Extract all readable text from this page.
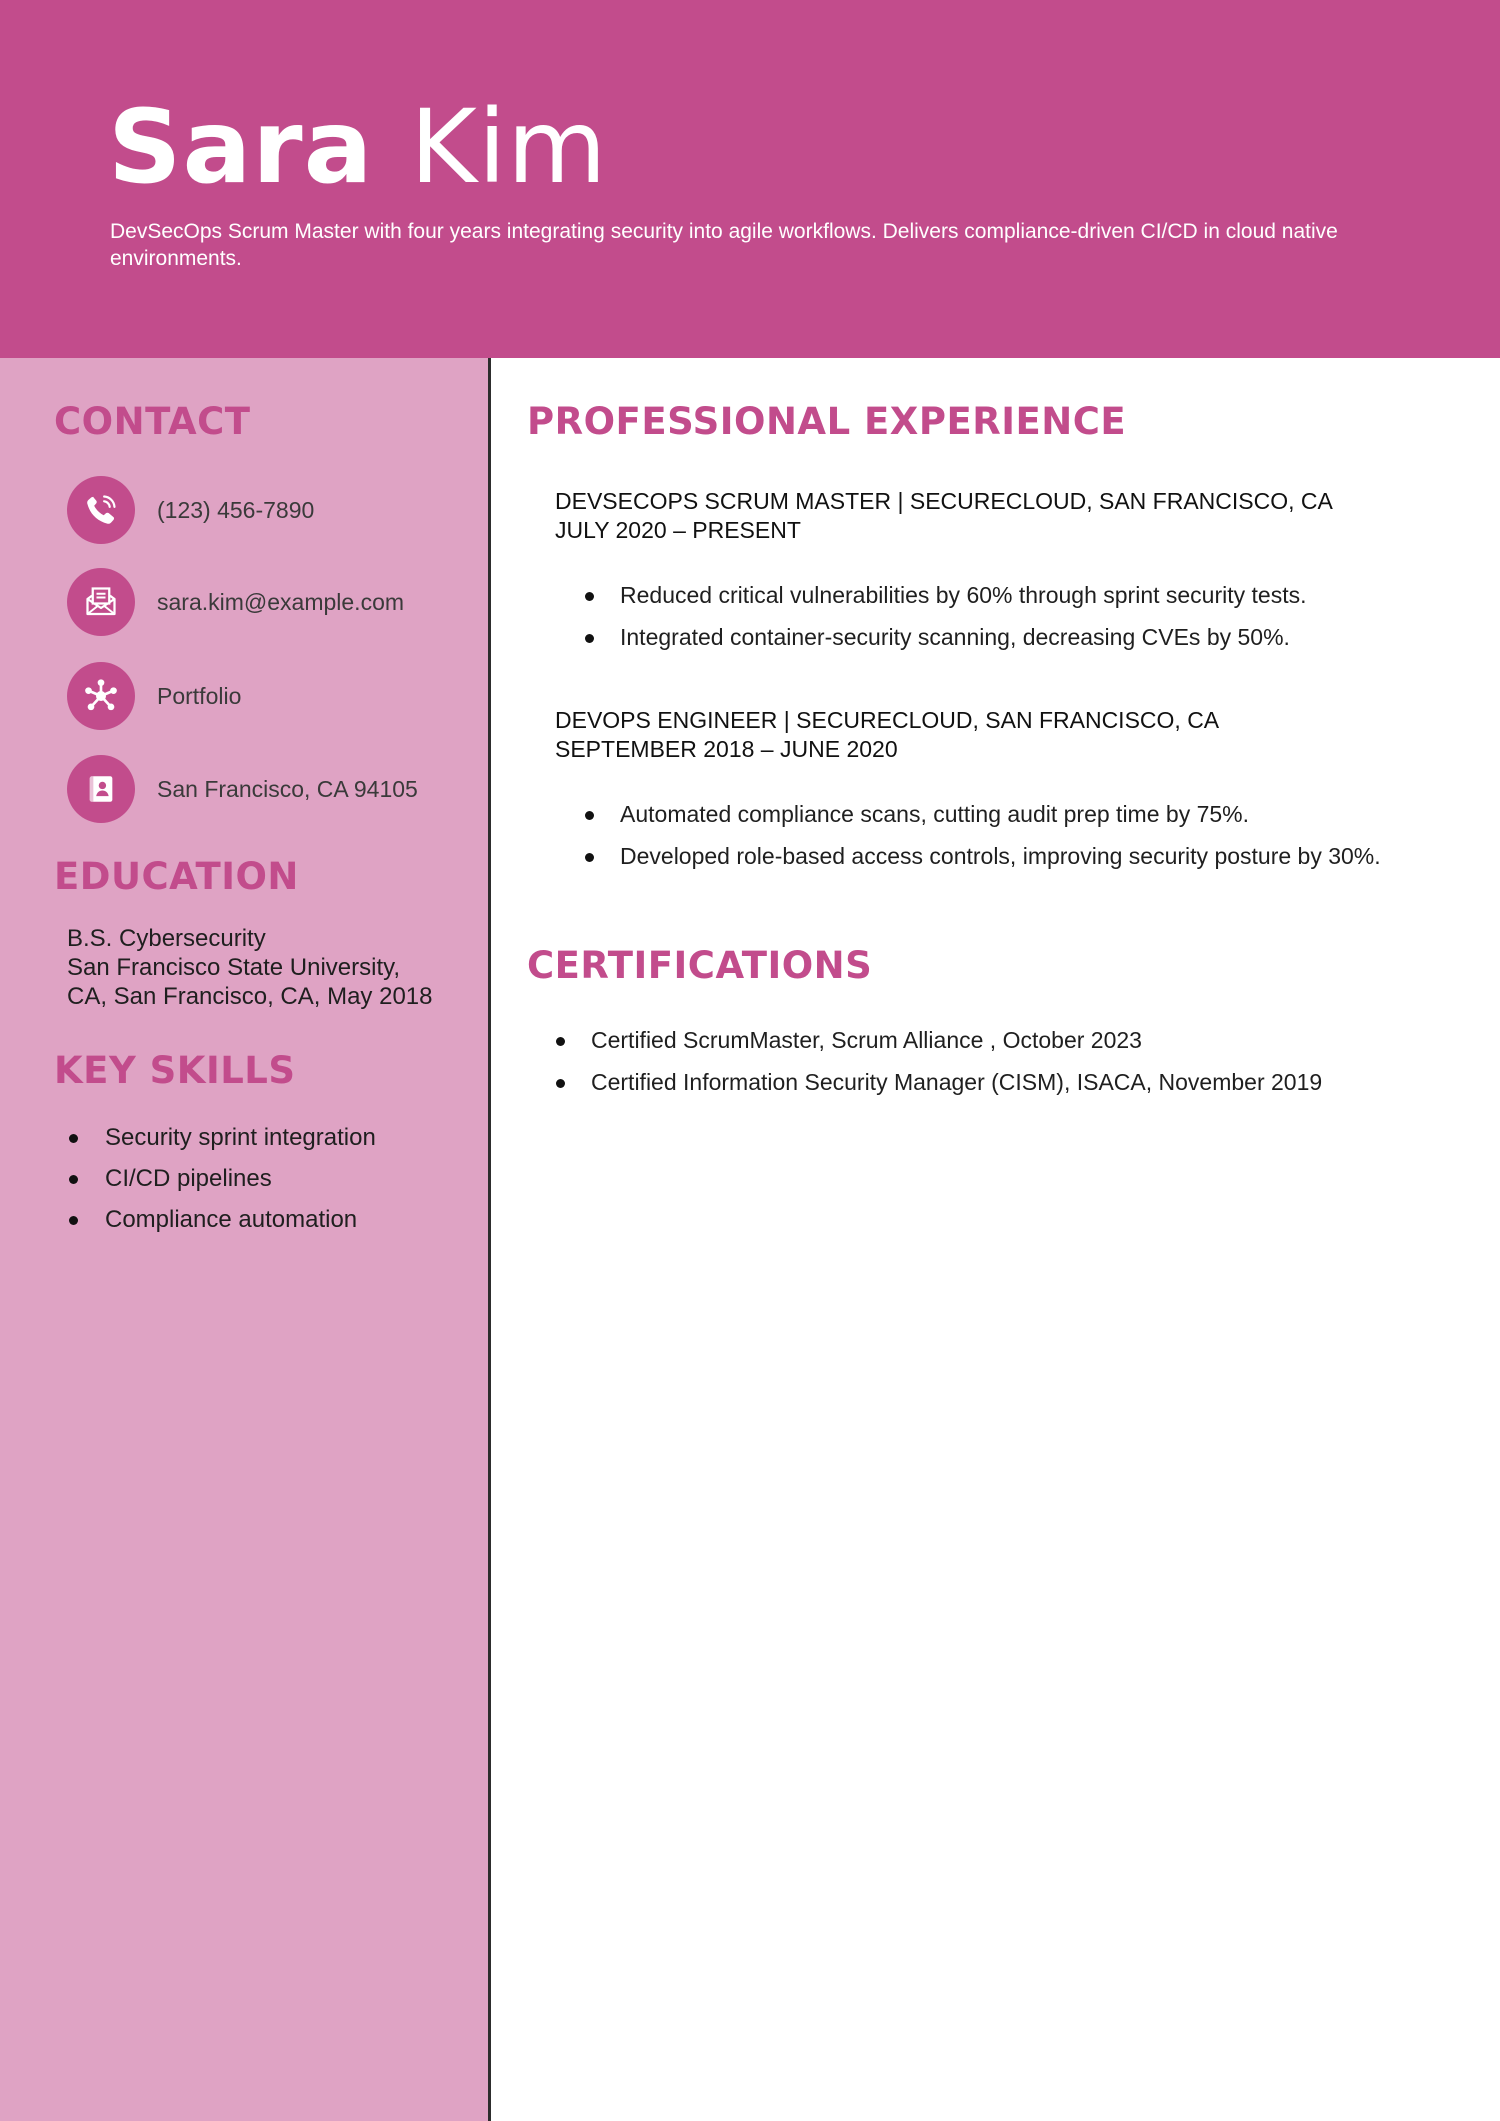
Sara Kim

DevSecOps Scrum Master with four years integrating security into agile workflows. Delivers compliance-driven CI/CD in cloud native environments.

CONTACT
(123) 456-7890
sara.kim@example.com
Portfolio
San Francisco, CA 94105
EDUCATION
B.S. Cybersecurity
San Francisco State University,
CA, San Francisco, CA, May 2018
KEY SKILLS
Security sprint integration
CI/CD pipelines
Compliance automation
PROFESSIONAL EXPERIENCE
DEVSECOPS SCRUM MASTER | SECURECLOUD, SAN FRANCISCO, CA
JULY 2020 – PRESENT
Reduced critical vulnerabilities by 60% through sprint security tests.
Integrated container-security scanning, decreasing CVEs by 50%.
DEVOPS ENGINEER | SECURECLOUD, SAN FRANCISCO, CA
SEPTEMBER 2018 – JUNE 2020
Automated compliance scans, cutting audit prep time by 75%.
Developed role-based access controls, improving security posture by 30%.
CERTIFICATIONS
Certified ScrumMaster, Scrum Alliance , October 2023
Certified Information Security Manager (CISM), ISACA, November 2019
